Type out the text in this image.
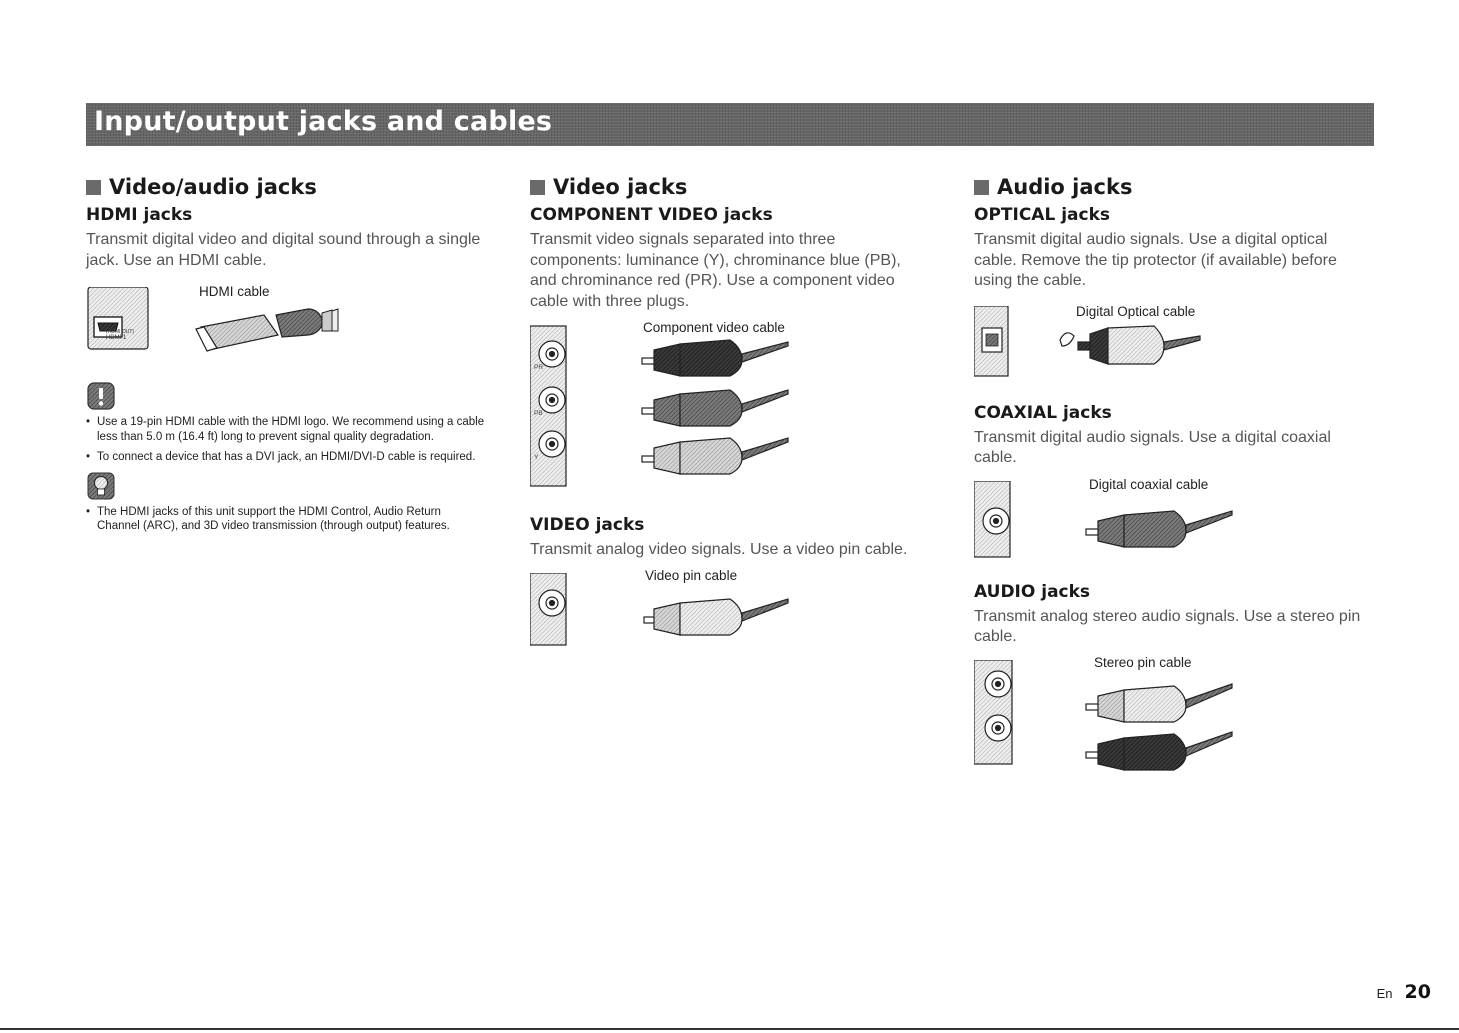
Input/output jacks and cables
Video/audio jacks
HDMI jacks

Transmit digital video and digital sound through a single jack. Use an HDMI cable.

HDMI cable
HDMI 1
(HDMI OUT)
• Use a 19-pin HDMI cable with the HDMI logo. We recommend using a cable less than 5.0 m (16.4 ft) long to prevent signal quality degradation.
• To connect a device that has a DVI jack, an HDMI/DVI-D cable is required.
• The HDMI jacks of this unit support the HDMI Control, Audio Return Channel (ARC), and 3D video transmission (through output) features.
Video jacks
COMPONENT VIDEO jacks

Transmit video signals separated into three components: luminance (Y), chrominance blue (PB), and chrominance red (PR). Use a component video cable with three plugs.

Component video cable
PR
PB
Y
VIDEO jacks

Transmit analog video signals. Use a video pin cable.

Video pin cable
Audio jacks
OPTICAL jacks

Transmit digital audio signals. Use a digital optical cable. Remove the tip protector (if available) before using the cable.

Digital Optical cable
COAXIAL jacks

Transmit digital audio signals. Use a digital coaxial cable.

Digital coaxial cable
AUDIO jacks

Transmit analog stereo audio signals. Use a stereo pin cable.

Stereo pin cable
En 20
